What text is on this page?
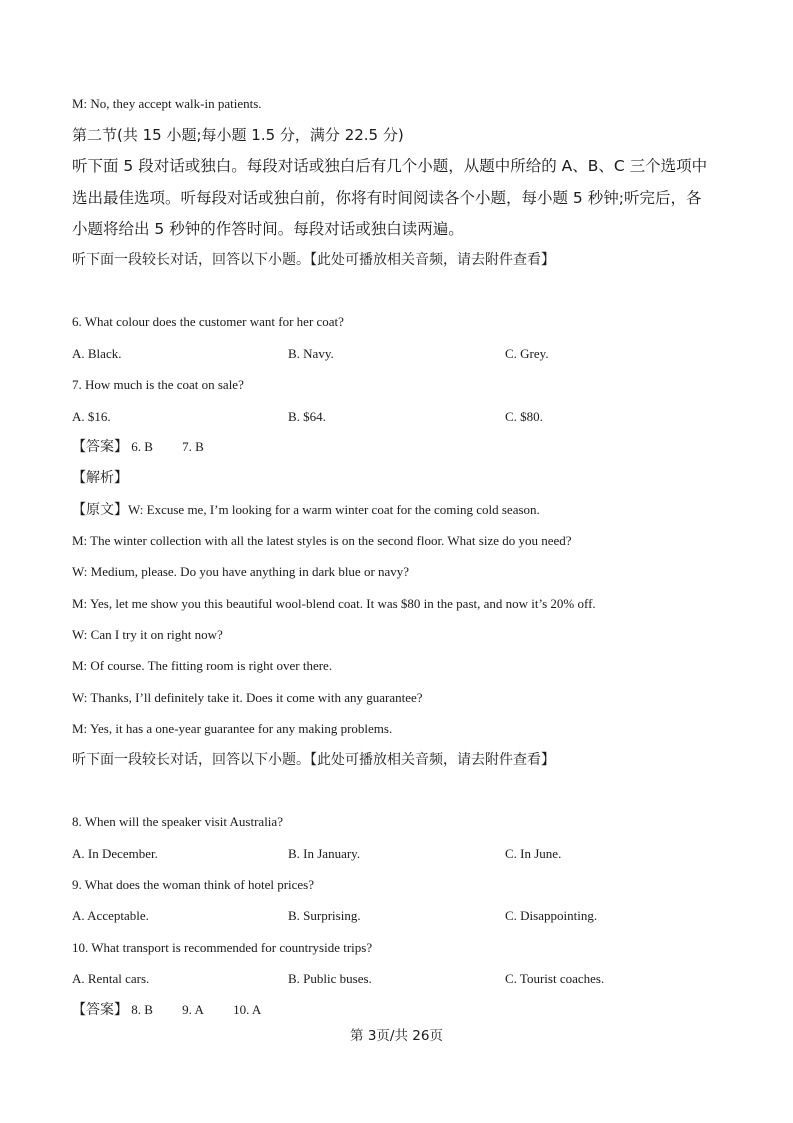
M: No, they accept walk-in patients.
第二节(共 15 小题;每小题 1.5 分，满分 22.5 分)
听下面 5 段对话或独白。每段对话或独白后有几个小题，从题中所给的 A、B、C 三个选项中
选出最佳选项。听每段对话或独白前，你将有时间阅读各个小题，每小题 5 秒钟;听完后，各
小题将给出 5 秒钟的作答时间。每段对话或独白读两遍。
听下面一段较长对话，回答以下小题。【此处可播放相关音频，请去附件查看】
6. What colour does the customer want for her coat?
A. Black.	B. Navy.	C. Grey.
7. How much is the coat on sale?
A. $16.	B. $64.	C. $80.
【答案】 6. B 7. B
【解析】
【原文】W: Excuse me, I’m looking for a warm winter coat for the coming cold season.
M: The winter collection with all the latest styles is on the second floor. What size do you need?
W: Medium, please. Do you have anything in dark blue or navy?
M: Yes, let me show you this beautiful wool-blend coat. It was $80 in the past, and now it’s 20% off.
W: Can I try it on right now?
M: Of course. The fitting room is right over there.
W: Thanks, I’ll definitely take it. Does it come with any guarantee?
M: Yes, it has a one-year guarantee for any making problems.
听下面一段较长对话，回答以下小题。【此处可播放相关音频，请去附件查看】
8. When will the speaker visit Australia?
A. In December.	B. In January.	C. In June.
9. What does the woman think of hotel prices?
A. Acceptable.	B. Surprising.	C. Disappointing.
10. What transport is recommended for countryside trips?
A. Rental cars.	B. Public buses.	C. Tourist coaches.
【答案】 8. B 9. A 10. A
第 3页/共 26页
